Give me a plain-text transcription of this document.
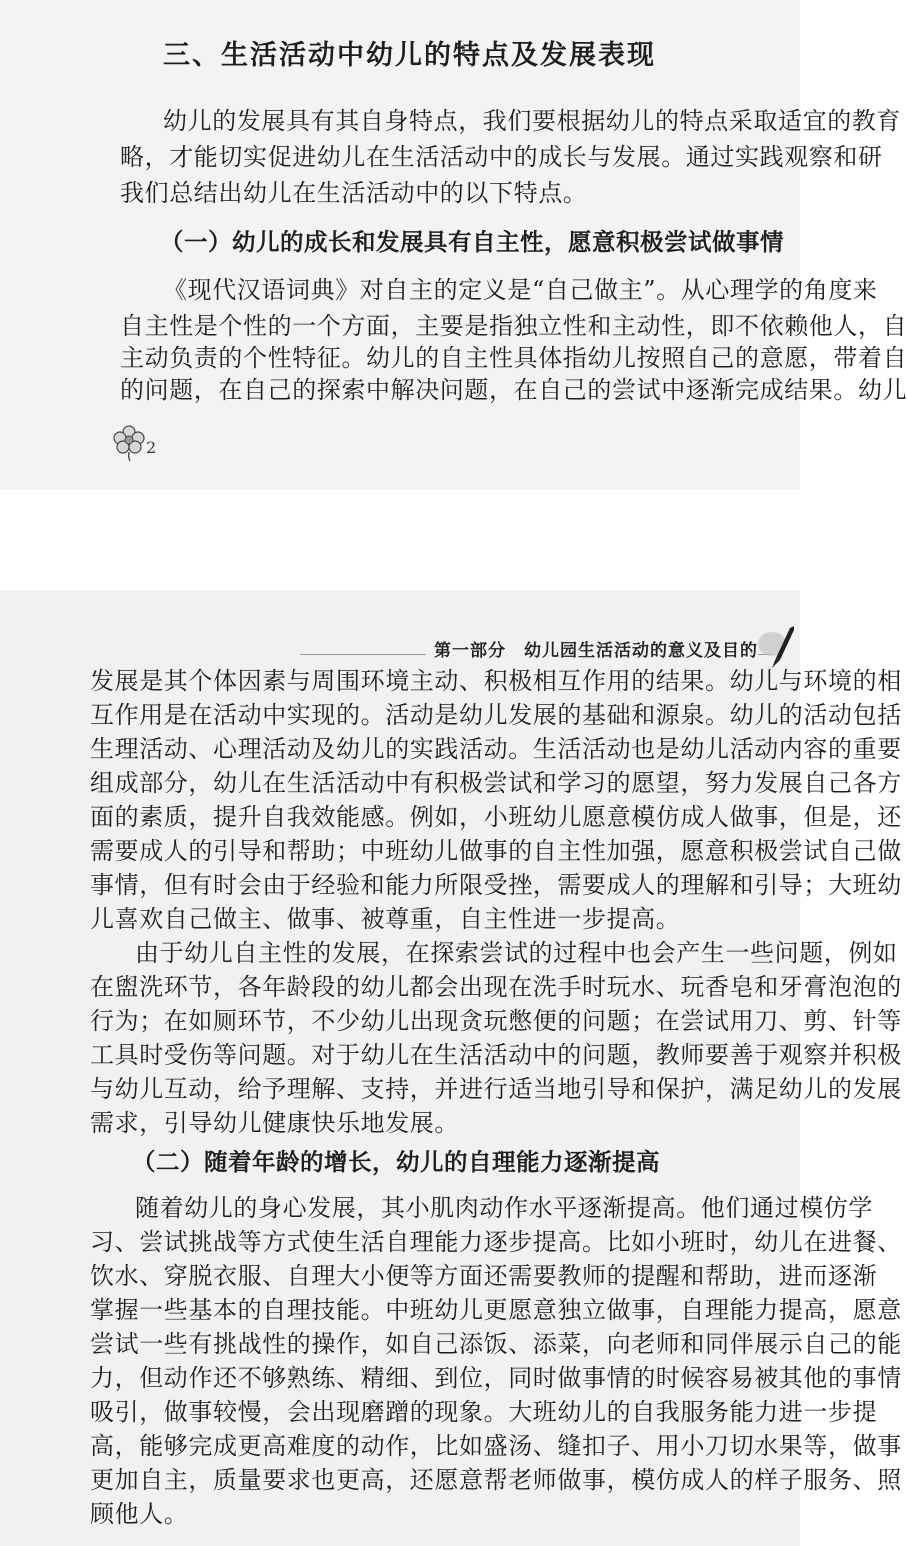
三、生活活动中幼儿的特点及发展表现
幼儿的发展具有其自身特点，我们要根据幼儿的特点采取适宜的教育
略，才能切实促进幼儿在生活活动中的成长与发展。通过实践观察和研
我们总结出幼儿在生活活动中的以下特点。
（一）幼儿的成长和发展具有自主性，愿意积极尝试做事情
《现代汉语词典》对自主的定义是“自己做主”。从心理学的角度来
自主性是个性的一个方面，主要是指独立性和主动性，即不依赖他人，自
主动负责的个性特征。幼儿的自主性具体指幼儿按照自己的意愿，带着自
的问题，在自己的探索中解决问题，在自己的尝试中逐渐完成结果。幼儿
2
第一部分　幼儿园生活活动的意义及目的
发展是其个体因素与周围环境主动、积极相互作用的结果。幼儿与环境的相
互作用是在活动中实现的。活动是幼儿发展的基础和源泉。幼儿的活动包括
生理活动、心理活动及幼儿的实践活动。生活活动也是幼儿活动内容的重要
组成部分，幼儿在生活活动中有积极尝试和学习的愿望，努力发展自己各方
面的素质，提升自我效能感。例如，小班幼儿愿意模仿成人做事，但是，还
需要成人的引导和帮助；中班幼儿做事的自主性加强，愿意积极尝试自己做
事情，但有时会由于经验和能力所限受挫，需要成人的理解和引导；大班幼
儿喜欢自己做主、做事、被尊重，自主性进一步提高。
由于幼儿自主性的发展，在探索尝试的过程中也会产生一些问题，例如
在盥洗环节，各年龄段的幼儿都会出现在洗手时玩水、玩香皂和牙膏泡泡的
行为；在如厕环节，不少幼儿出现贪玩憋便的问题；在尝试用刀、剪、针等
工具时受伤等问题。对于幼儿在生活活动中的问题，教师要善于观察并积极
与幼儿互动，给予理解、支持，并进行适当地引导和保护，满足幼儿的发展
需求，引导幼儿健康快乐地发展。
（二）随着年龄的增长，幼儿的自理能力逐渐提高
随着幼儿的身心发展，其小肌肉动作水平逐渐提高。他们通过模仿学
习、尝试挑战等方式使生活自理能力逐步提高。比如小班时，幼儿在进餐、
饮水、穿脱衣服、自理大小便等方面还需要教师的提醒和帮助，进而逐渐
掌握一些基本的自理技能。中班幼儿更愿意独立做事，自理能力提高，愿意
尝试一些有挑战性的操作，如自己添饭、添菜，向老师和同伴展示自己的能
力，但动作还不够熟练、精细、到位，同时做事情的时候容易被其他的事情
吸引，做事较慢，会出现磨蹭的现象。大班幼儿的自我服务能力进一步提
高，能够完成更高难度的动作，比如盛汤、缝扣子、用小刀切水果等，做事
更加自主，质量要求也更高，还愿意帮老师做事，模仿成人的样子服务、照
顾他人。
